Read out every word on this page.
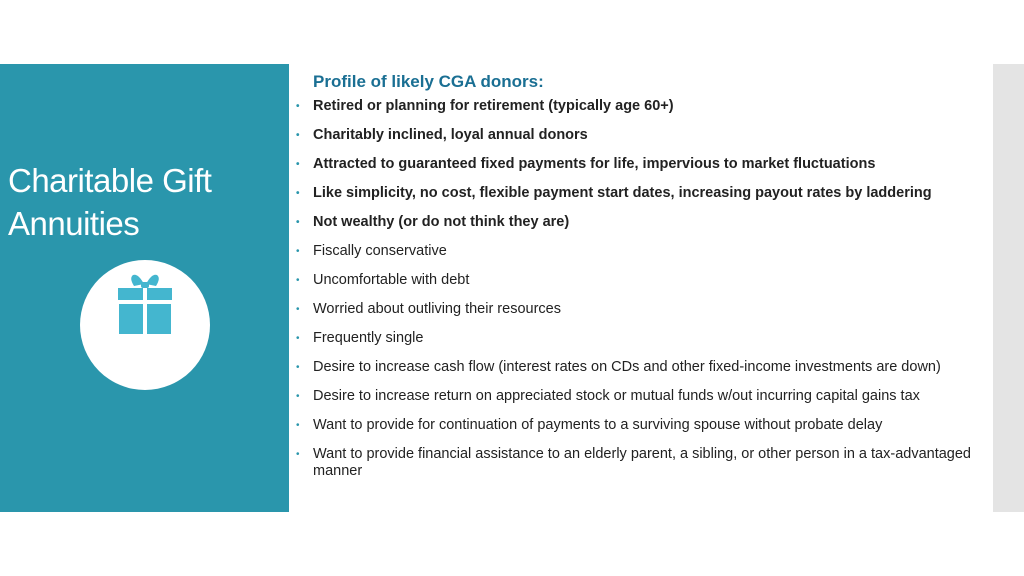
Charitable Gift Annuities
Profile of likely CGA donors:
• Retired or planning for retirement (typically age 60+)
• Charitably inclined, loyal annual donors
• Attracted to guaranteed fixed payments for life, impervious to market fluctuations
• Like simplicity, no cost, flexible payment start dates, increasing payout rates by laddering
• Not wealthy (or do not think they are)
• Fiscally conservative
• Uncomfortable with debt
• Worried about outliving their resources
• Frequently single
• Desire to increase cash flow (interest rates on CDs and other fixed-income investments are down)
• Desire to increase return on appreciated stock or mutual funds w/out incurring capital gains tax
• Want to provide for continuation of payments to a surviving spouse without probate delay
• Want to provide financial assistance to an elderly parent, a sibling, or other person in a tax-advantaged manner
